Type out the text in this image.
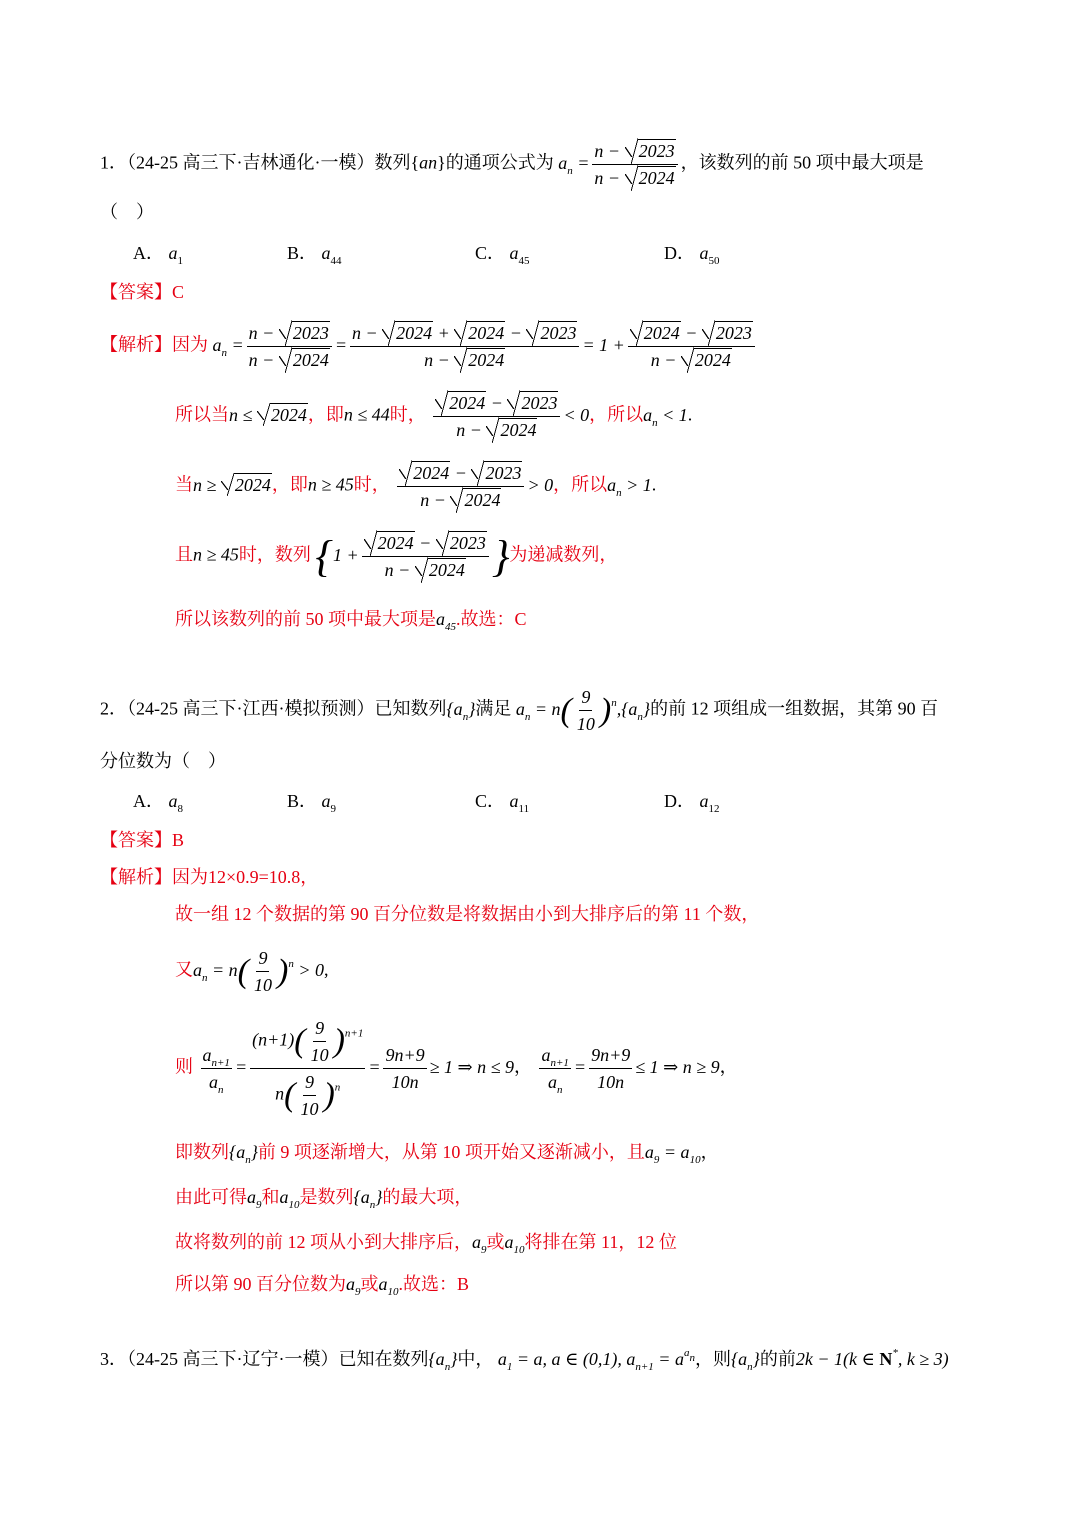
1．（24-25 高三下·吉林通化·一模）数列{an}的通项公式为 $a_n = \frac{n - 2023}{n - 2024}$ ，该数列的前 50 项中最大项是
（　）
A． $a_1$	B． $a_{44}$	C． $a_{45}$	D． $a_{50}$
【答案】C
【解析】因为 $a_n = \frac{n - 2023}{n - 2024} = \frac{n - 2024 + 2024 - 2023}{n - 2024} = 1 + \frac{2024 - 2023}{n - 2024}$
所以当n ≤ 2024，即n ≤ 44时， $\frac{2024 - 2023}{n - 2024} < 0$，所以$a_n < 1$.
当n ≥ 2024，即n ≥ 45时， $\frac{2024 - 2023}{n - 2024} > 0$，所以$a_n > 1$.
且n ≥ 45时，数列 {$1 + \frac{2024 - 2023}{n - 2024}$ }为递减数列，
所以该数列的前 50 项中最大项是$a_{45}$.故选：C
2．（24-25 高三下·江西·模拟预测）已知数列$\{a_n\}$满足 $a_n = n( \frac{9}{10} )^n,\{a_n\}$的前 12 项组成一组数据，其第 90 百
分位数为（　）
A． $a_8$	B． $a_9$	C． $a_{11}$	D． $a_{12}$
【答案】B
【解析】因为12×0.9=10.8，
故一组 12 个数据的第 90 百分位数是将数据由小到大排序后的第 11 个数，
又$a_n = n( \frac{9}{10} )^n > 0$,
则 $\frac{a_{n+1}}{a_n} = \frac{(n+1)( \frac{9}{10} )^{n+1}}{n( \frac{9}{10} )^n} = \frac{9n+9}{10n} \ge 1$ ⇒ n ≤ 9， $\frac{a_{n+1}}{a_n} = \frac{9n+9}{10n} \le 1$ ⇒ n ≥ 9，
即数列$\{a_n\}$前 9 项逐渐增大，从第 10 项开始又逐渐减小，且$a_9 = a_{10}$，
由此可得$a_9$和$a_{10}$是数列$\{a_n\}$的最大项，
故将数列的前 12 项从小到大排序后，$a_9$或$a_{10}$将排在第 11，12 位
所以第 90 百分位数为$a_9$或$a_{10}$.故选：B
3．（24-25 高三下·辽宁·一模）已知在数列$\{a_n\}$中， $a_1 = a$, a ∈ (0,1), $a_{n+1} = a^{a_n}$，则$\{a_n\}$的前2k − 1(k ∈ N*, k ≥ 3)
